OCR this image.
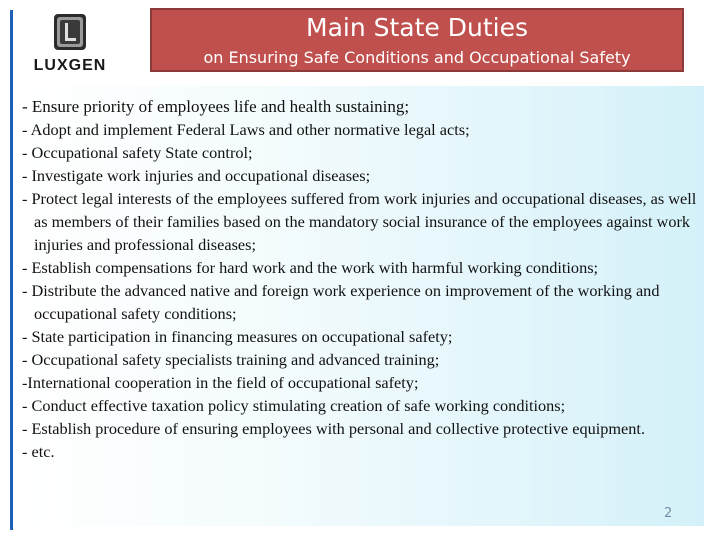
LUXGEN
Main State Duties
on Ensuring Safe Conditions and Occupational Safety
- Ensure priority of employees life and health sustaining;
- Adopt and implement Federal Laws and other normative legal acts;
- Occupational safety State control;
- Investigate work injuries and occupational diseases;
- Protect legal interests of the employees suffered from work injuries and occupational diseases, as well as members of their families based on the mandatory social insurance of the employees against work injuries and professional diseases;
- Establish compensations for hard work and the work with harmful working conditions;
- Distribute the advanced native and foreign work experience on improvement of the working and occupational safety conditions;
- State participation in financing measures on occupational safety;
- Occupational safety specialists training and advanced training;
-International cooperation in the field of occupational safety;
- Conduct effective taxation policy stimulating creation of safe working conditions;
- Establish procedure of ensuring employees with personal and collective protective equipment.
- etc.
2
